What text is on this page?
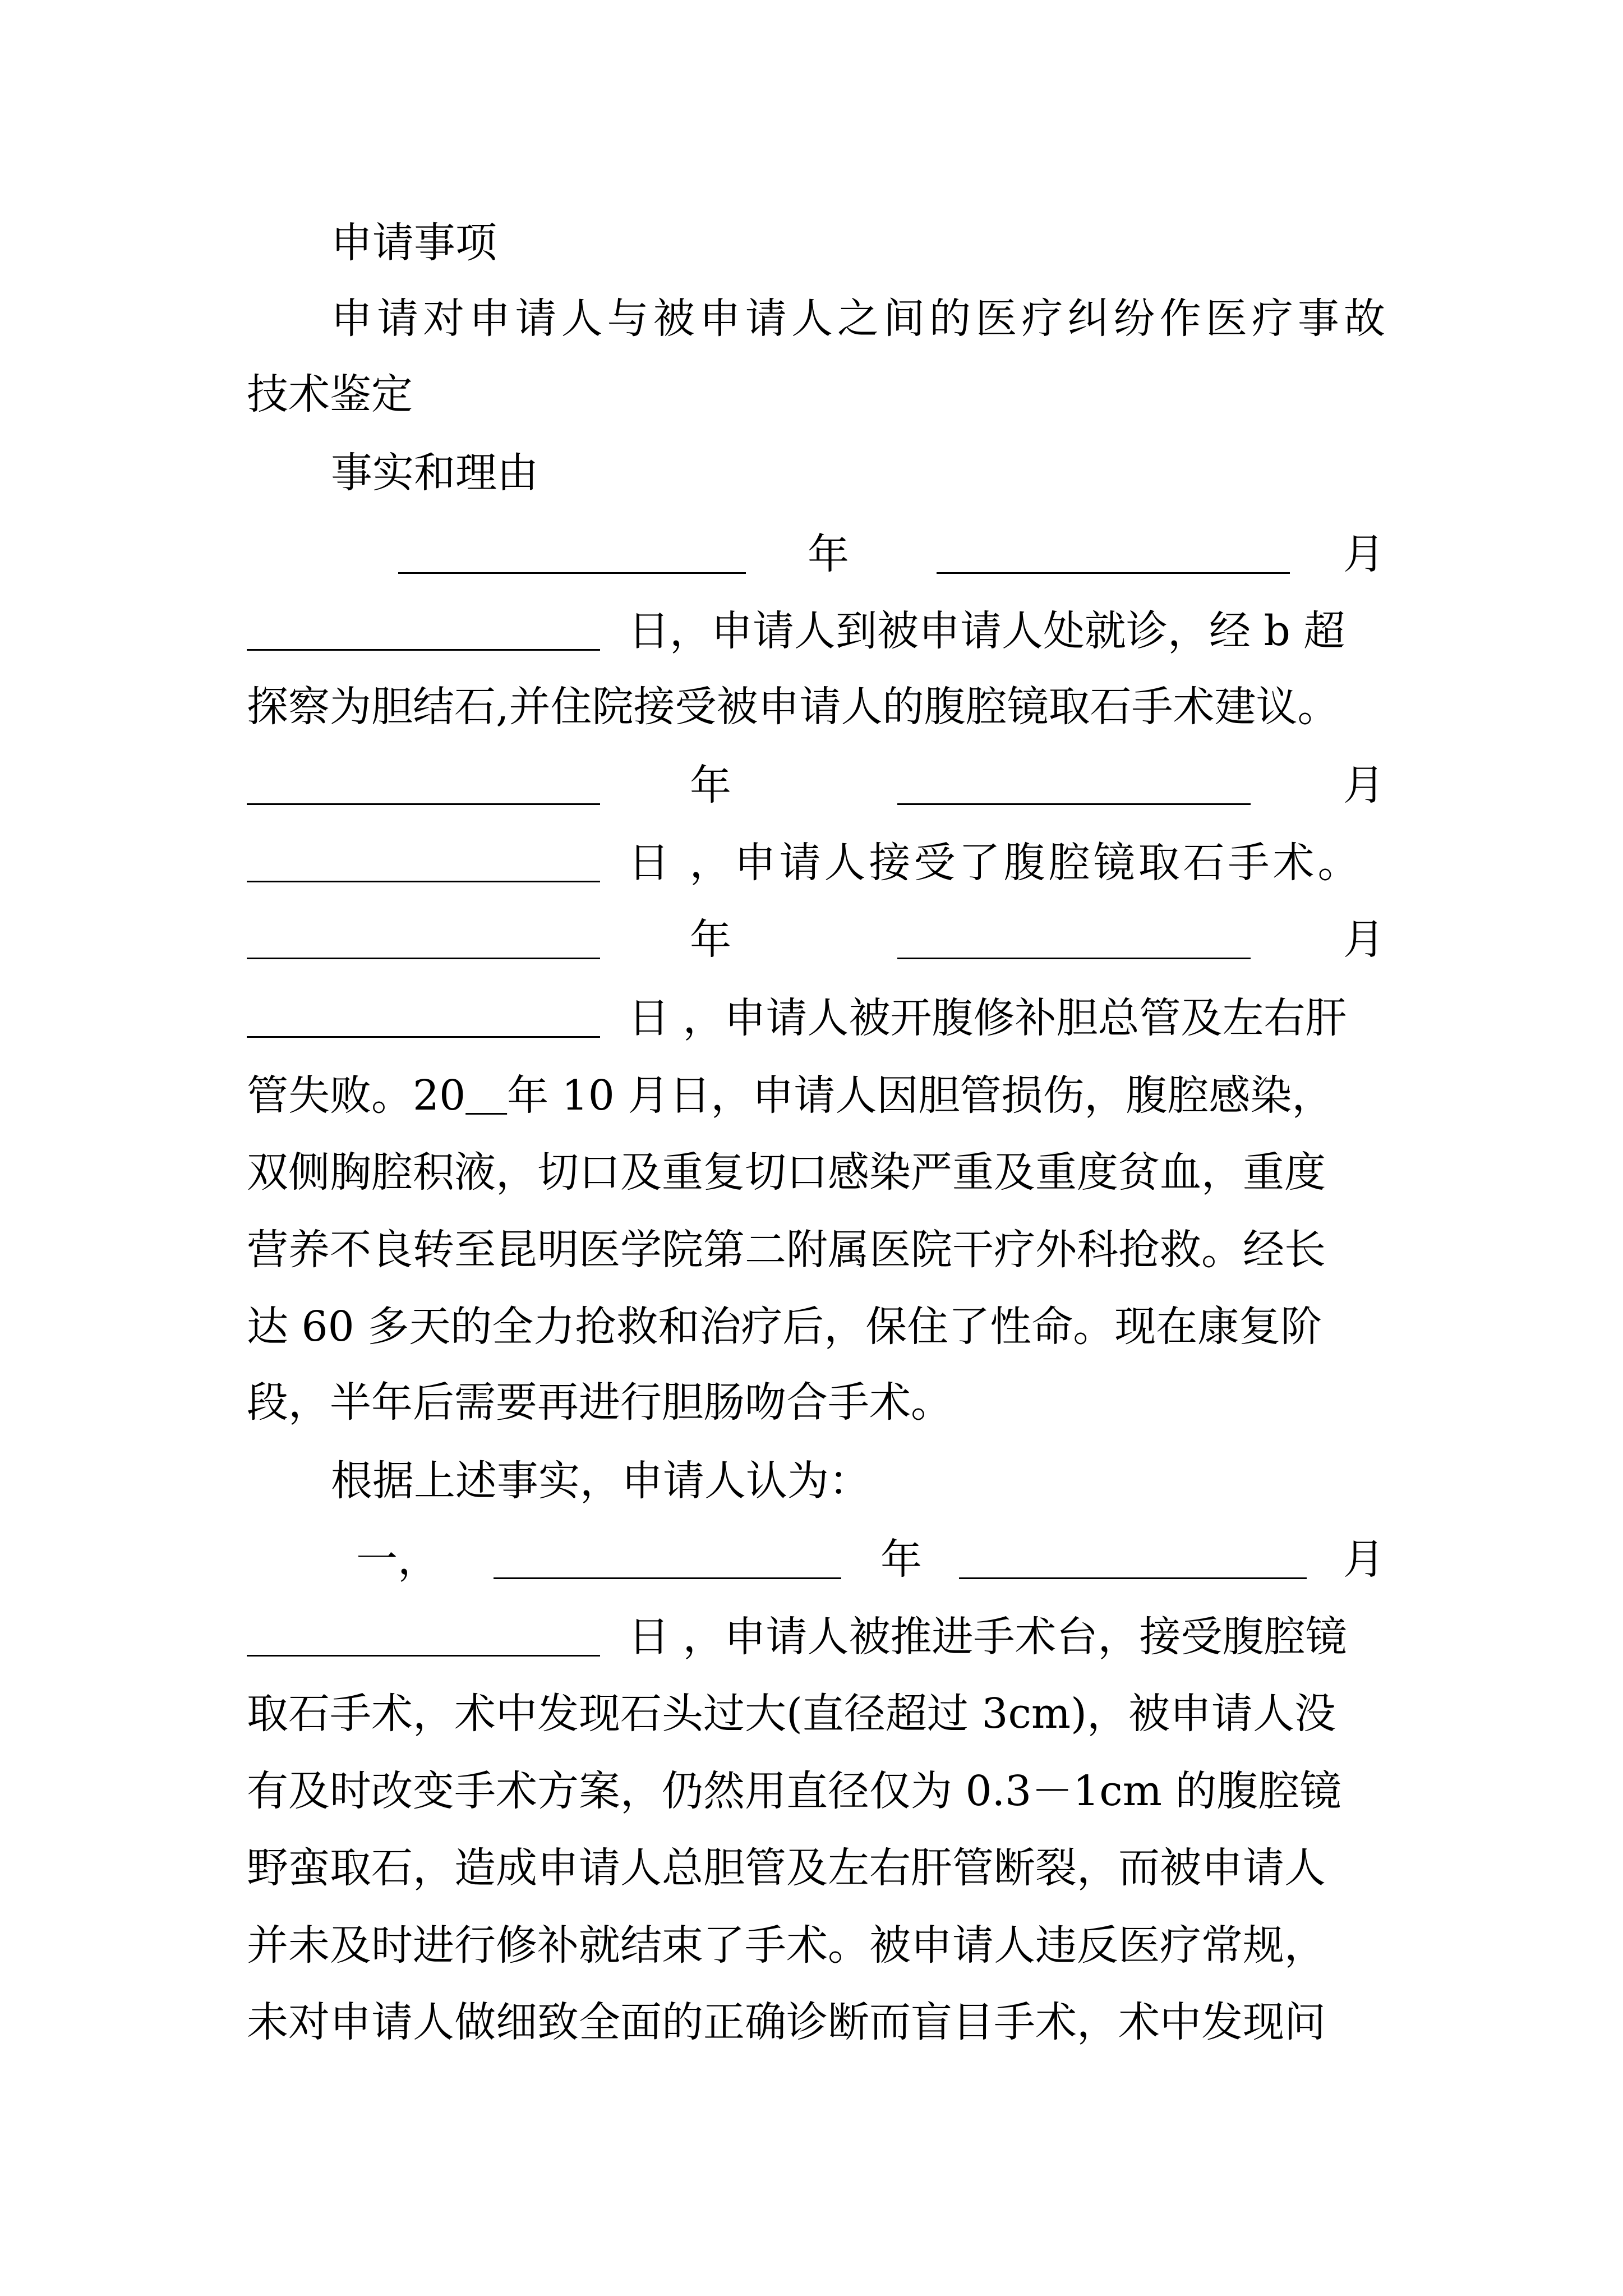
申请事项
申请对申请人与被申请人之间的医疗纠纷作医疗事故
技术鉴定
事实和理由
年	月
日，申请人到被申请人处就诊，经 b 超
探察为胆结石,并住院接受被申请人的腹腔镜取石手术建议。
年	月
日 ，申请人接受了腹腔镜取石手术。
年	月
日 ，申请人被开腹修补胆总管及左右肝
管失败。20＿年 10 月日，申请人因胆管损伤，腹腔感染，
双侧胸腔积液，切口及重复切口感染严重及重度贫血，重度
营养不良转至昆明医学院第二附属医院干疗外科抢救。经长
达 60 多天的全力抢救和治疗后，保住了性命。现在康复阶
段，半年后需要再进行胆肠吻合手术。
根据上述事实，申请人认为：
一，	年	月
日 ，申请人被推进手术台，接受腹腔镜
取石手术，术中发现石头过大(直径超过 3cm)，被申请人没
有及时改变手术方案，仍然用直径仅为 0.3－1cm 的腹腔镜
野蛮取石，造成申请人总胆管及左右肝管断裂，而被申请人
并未及时进行修补就结束了手术。被申请人违反医疗常规，
未对申请人做细致全面的正确诊断而盲目手术，术中发现问
